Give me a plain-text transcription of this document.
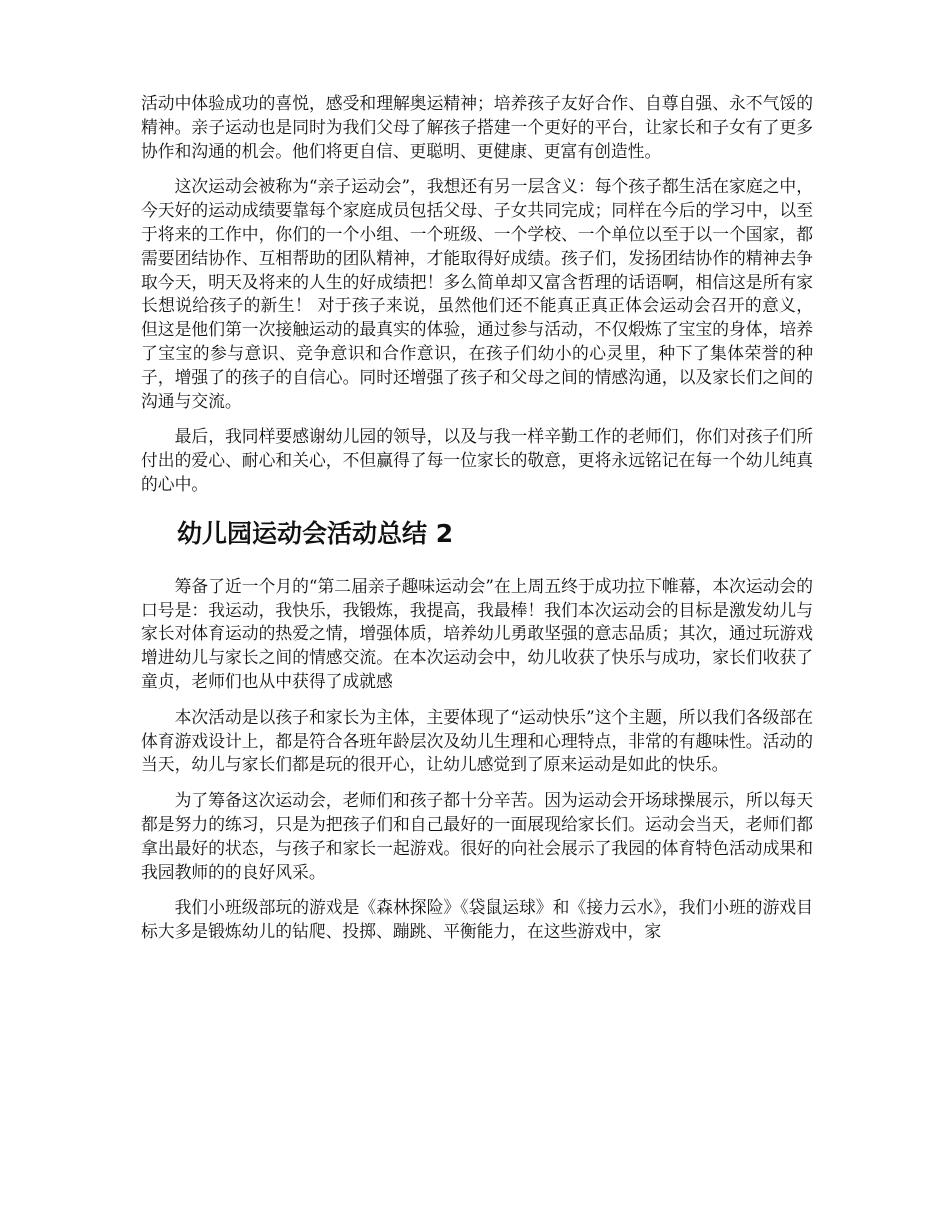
活动中体验成功的喜悦，感受和理解奥运精神；培养孩子友好合作、自尊自强、永不气馁的精神。亲子运动也是同时为我们父母了解孩子搭建一个更好的平台，让家长和子女有了更多协作和沟通的机会。他们将更自信、更聪明、更健康、更富有创造性。

这次运动会被称为“亲子运动会”，我想还有另一层含义：每个孩子都生活在家庭之中，今天好的运动成绩要靠每个家庭成员包括父母、子女共同完成；同样在今后的学习中，以至于将来的工作中，你们的一个小组、一个班级、一个学校、一个单位以至于以一个国家，都需要团结协作、互相帮助的团队精神，才能取得好成绩。孩子们，发扬团结协作的精神去争取今天，明天及将来的人生的好成绩把！多么简单却又富含哲理的话语啊，相信这是所有家长想说给孩子的新生！ 对于孩子来说，虽然他们还不能真正真正体会运动会召开的意义，但这是他们第一次接触运动的最真实的体验，通过参与活动，不仅煅炼了宝宝的身体，培养了宝宝的参与意识、竞争意识和合作意识，在孩子们幼小的心灵里，种下了集体荣誉的种子，增强了的孩子的自信心。同时还增强了孩子和父母之间的情感沟通，以及家长们之间的沟通与交流。

最后，我同样要感谢幼儿园的领导，以及与我一样辛勤工作的老师们，你们对孩子们所付出的爱心、耐心和关心，不但赢得了每一位家长的敬意，更将永远铭记在每一个幼儿纯真的心中。

幼儿园运动会活动总结 2

筹备了近一个月的“第二届亲子趣味运动会”在上周五终于成功拉下帷幕，本次运动会的口号是：我运动，我快乐，我锻炼，我提高，我最棒！我们本次运动会的目标是激发幼儿与家长对体育运动的热爱之情，增强体质，培养幼儿勇敢坚强的意志品质；其次，通过玩游戏增进幼儿与家长之间的情感交流。在本次运动会中，幼儿收获了快乐与成功，家长们收获了童贞，老师们也从中获得了成就感

本次活动是以孩子和家长为主体，主要体现了“运动快乐”这个主题，所以我们各级部在体育游戏设计上，都是符合各班年龄层次及幼儿生理和心理特点，非常的有趣味性。活动的当天，幼儿与家长们都是玩的很开心，让幼儿感觉到了原来运动是如此的快乐。

为了筹备这次运动会，老师们和孩子都十分辛苦。因为运动会开场球操展示，所以每天都是努力的练习，只是为把孩子们和自己最好的一面展现给家长们。运动会当天，老师们都拿出最好的状态，与孩子和家长一起游戏。很好的向社会展示了我园的体育特色活动成果和我园教师的的良好风采。

我们小班级部玩的游戏是《森林探险》《袋鼠运球》和《接力云水》，我们小班的游戏目标大多是锻炼幼儿的钻爬、投掷、蹦跳、平衡能力，在这些游戏中，家
